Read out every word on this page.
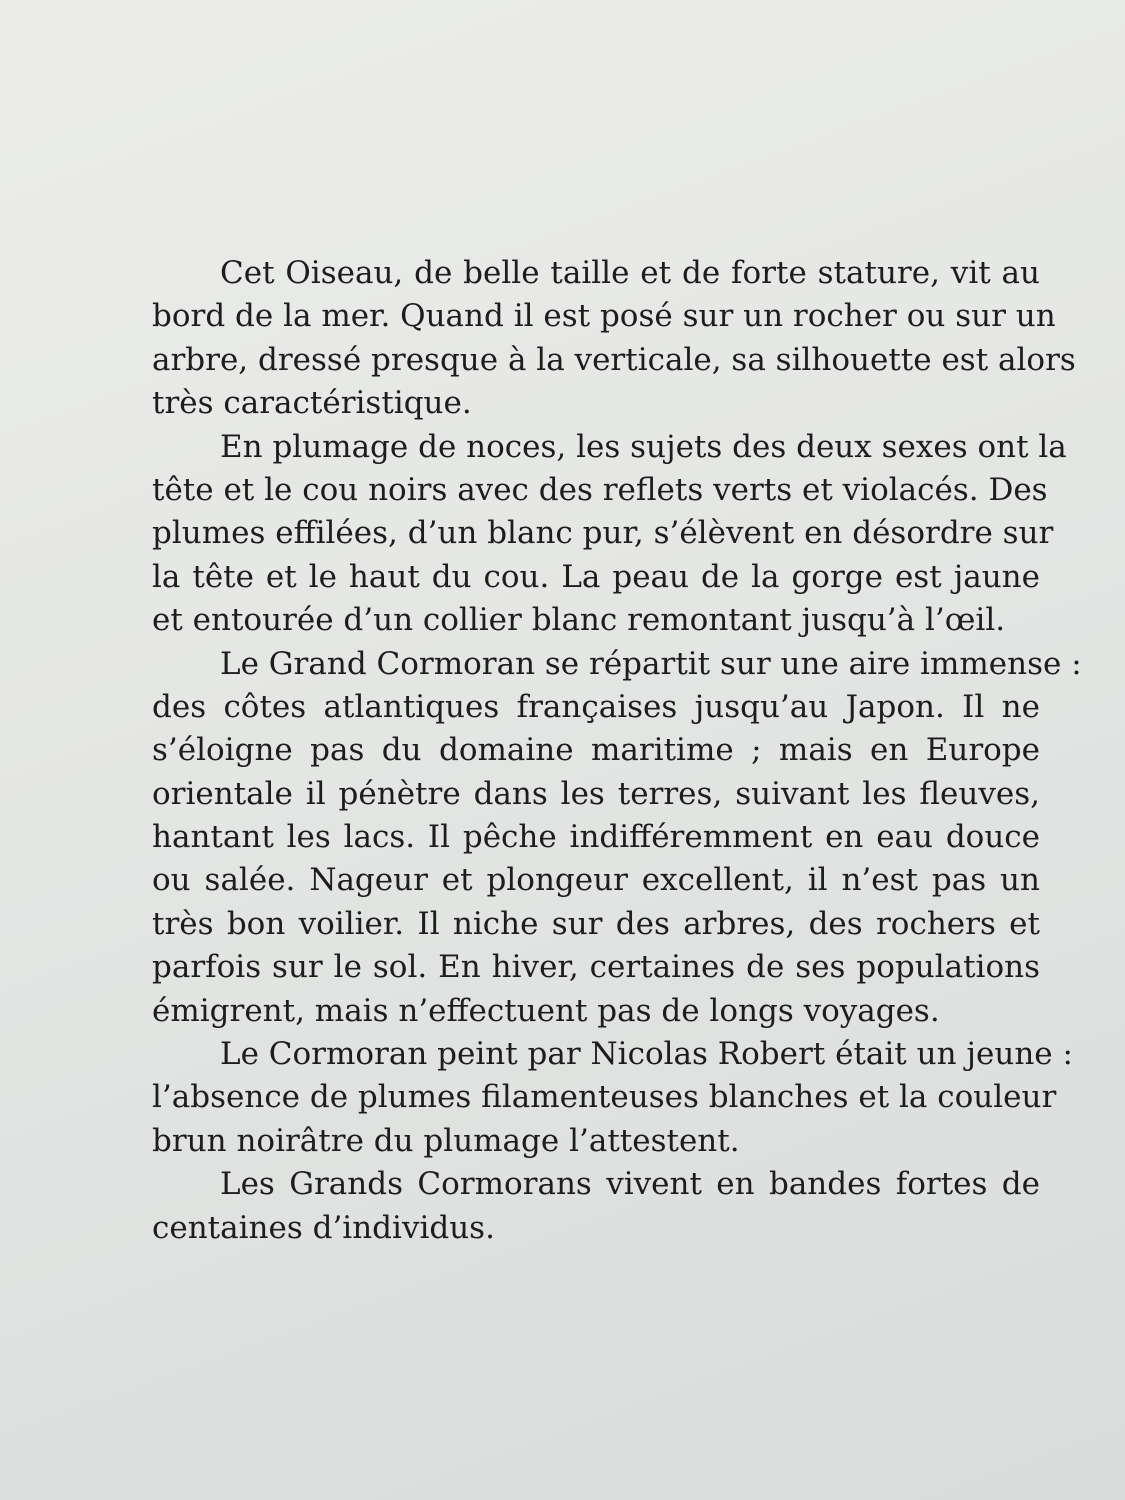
Cet Oiseau, de belle taille et de forte stature, vit au
bord de la mer. Quand il est posé sur un rocher ou sur un
arbre, dressé presque à la verticale, sa silhouette est alors
très caractéristique.
En plumage de noces, les sujets des deux sexes ont la
tête et le cou noirs avec des reflets verts et violacés. Des
plumes effilées, d’un blanc pur, s’élèvent en désordre sur
la tête et le haut du cou. La peau de la gorge est jaune
et entourée d’un collier blanc remontant jusqu’à l’œil.
Le Grand Cormoran se répartit sur une aire immense :
des côtes atlantiques françaises jusqu’au Japon. Il ne
s’éloigne pas du domaine maritime ; mais en Europe
orientale il pénètre dans les terres, suivant les fleuves,
hantant les lacs. Il pêche indifféremment en eau douce
ou salée. Nageur et plongeur excellent, il n’est pas un
très bon voilier. Il niche sur des arbres, des rochers et
parfois sur le sol. En hiver, certaines de ses populations
émigrent, mais n’effectuent pas de longs voyages.
Le Cormoran peint par Nicolas Robert était un jeune :
l’absence de plumes filamenteuses blanches et la couleur
brun noirâtre du plumage l’attestent.
Les Grands Cormorans vivent en bandes fortes de
centaines d’individus.
